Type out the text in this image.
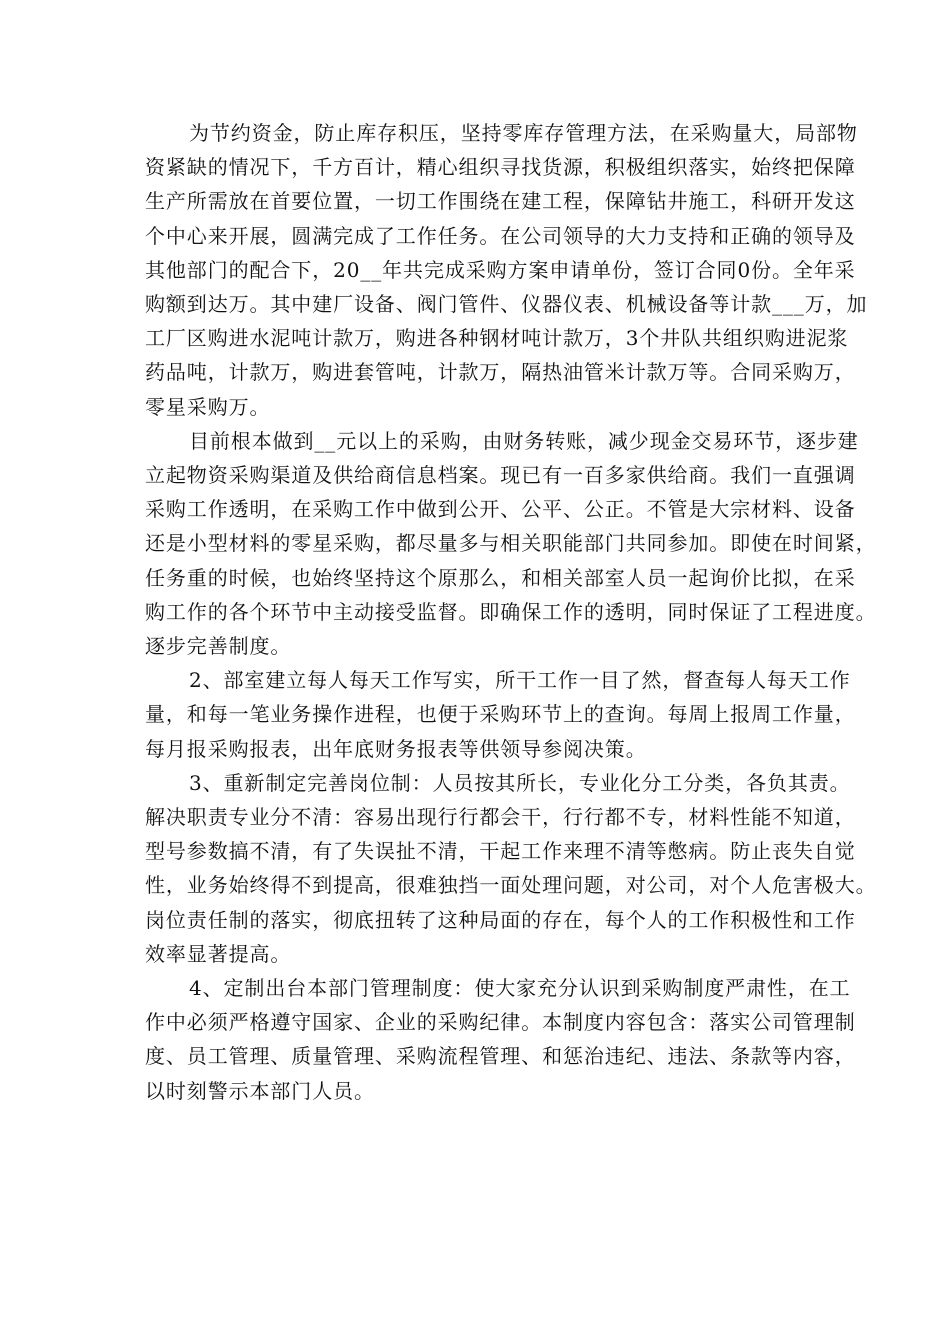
为节约资金，防止库存积压，坚持零库存管理方法，在采购量大，局部物
资紧缺的情况下，千方百计，精心组织寻找货源，积极组织落实，始终把保障
生产所需放在首要位置，一切工作围绕在建工程，保障钻井施工，科研开发这
个中心来开展，圆满完成了工作任务。在公司领导的大力支持和正确的领导及
其他部门的配合下，20__年共完成采购方案申请单份，签订合同0份。全年采
购额到达万。其中建厂设备、阀门管件、仪器仪表、机械设备等计款___万，加
工厂区购进水泥吨计款万，购进各种钢材吨计款万，3个井队共组织购进泥浆
药品吨，计款万，购进套管吨，计款万，隔热油管米计款万等。合同采购万，
零星采购万。

目前根本做到__元以上的采购，由财务转账，减少现金交易环节，逐步建
立起物资采购渠道及供给商信息档案。现已有一百多家供给商。我们一直强调
采购工作透明，在采购工作中做到公开、公平、公正。不管是大宗材料、设备
还是小型材料的零星采购，都尽量多与相关职能部门共同参加。即使在时间紧，
任务重的时候，也始终坚持这个原那么，和相关部室人员一起询价比拟，在采
购工作的各个环节中主动接受监督。即确保工作的透明，同时保证了工程进度。
逐步完善制度。

2、部室建立每人每天工作写实，所干工作一目了然，督查每人每天工作
量，和每一笔业务操作进程，也便于采购环节上的查询。每周上报周工作量，
每月报采购报表，出年底财务报表等供领导参阅决策。

3、重新制定完善岗位制：人员按其所长，专业化分工分类，各负其责。
解决职责专业分不清：容易出现行行都会干，行行都不专，材料性能不知道，
型号参数搞不清，有了失误扯不清，干起工作来理不清等憋病。防止丧失自觉
性，业务始终得不到提高，很难独挡一面处理问题，对公司，对个人危害极大。
岗位责任制的落实，彻底扭转了这种局面的存在，每个人的工作积极性和工作
效率显著提高。

4、定制出台本部门管理制度：使大家充分认识到采购制度严肃性，在工
作中必须严格遵守国家、企业的采购纪律。本制度内容包含：落实公司管理制
度、员工管理、质量管理、采购流程管理、和惩治违纪、违法、条款等内容，
以时刻警示本部门人员。
